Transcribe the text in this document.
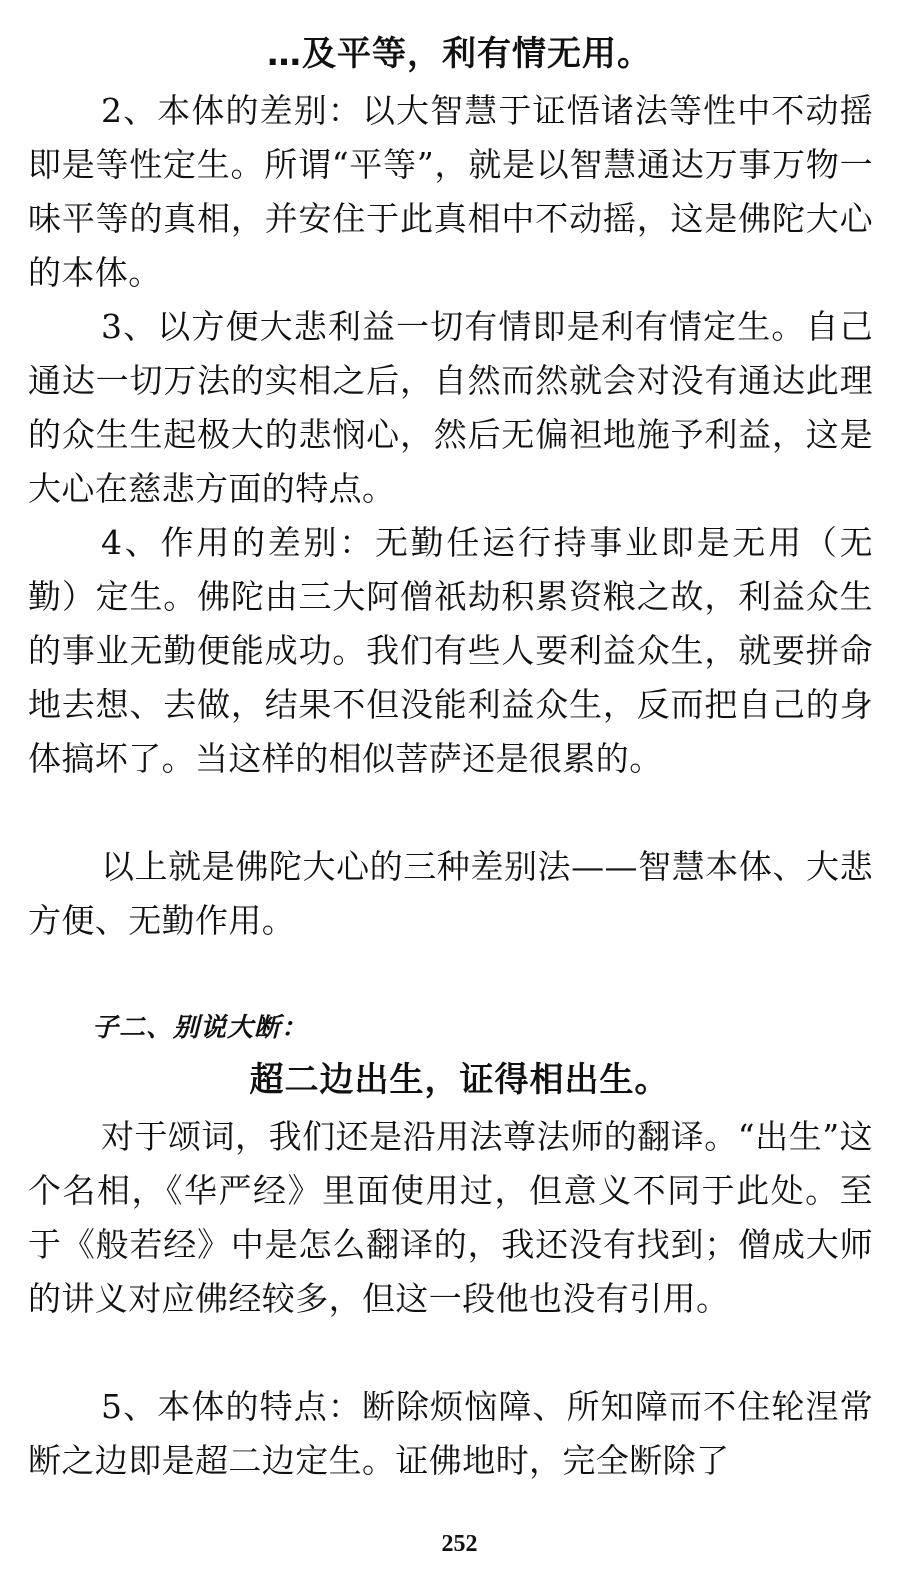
…及平等，利有情无用。

2、本体的差别：以大智慧于证悟诸法等性中不动摇即是等性定生。所谓“平等”，就是以智慧通达万事万物一味平等的真相，并安住于此真相中不动摇，这是佛陀大心的本体。

3、以方便大悲利益一切有情即是利有情定生。自己通达一切万法的实相之后，自然而然就会对没有通达此理的众生生起极大的悲悯心，然后无偏袒地施予利益，这是大心在慈悲方面的特点。

4、作用的差别：无勤任运行持事业即是无用（无勤）定生。佛陀由三大阿僧祇劫积累资粮之故，利益众生的事业无勤便能成功。我们有些人要利益众生，就要拼命地去想、去做，结果不但没能利益众生，反而把自己的身体搞坏了。当这样的相似菩萨还是很累的。

以上就是佛陀大心的三种差别法——智慧本体、大悲方便、无勤作用。

子二、别说大断：
超二边出生，证得相出生。

对于颂词，我们还是沿用法尊法师的翻译。“出生”这个名相，《华严经》里面使用过，但意义不同于此处。至于《般若经》中是怎么翻译的，我还没有找到；僧成大师的讲义对应佛经较多，但这一段他也没有引用。

5、本体的特点：断除烦恼障、所知障而不住轮涅常断之边即是超二边定生。证佛地时，完全断除了

252
